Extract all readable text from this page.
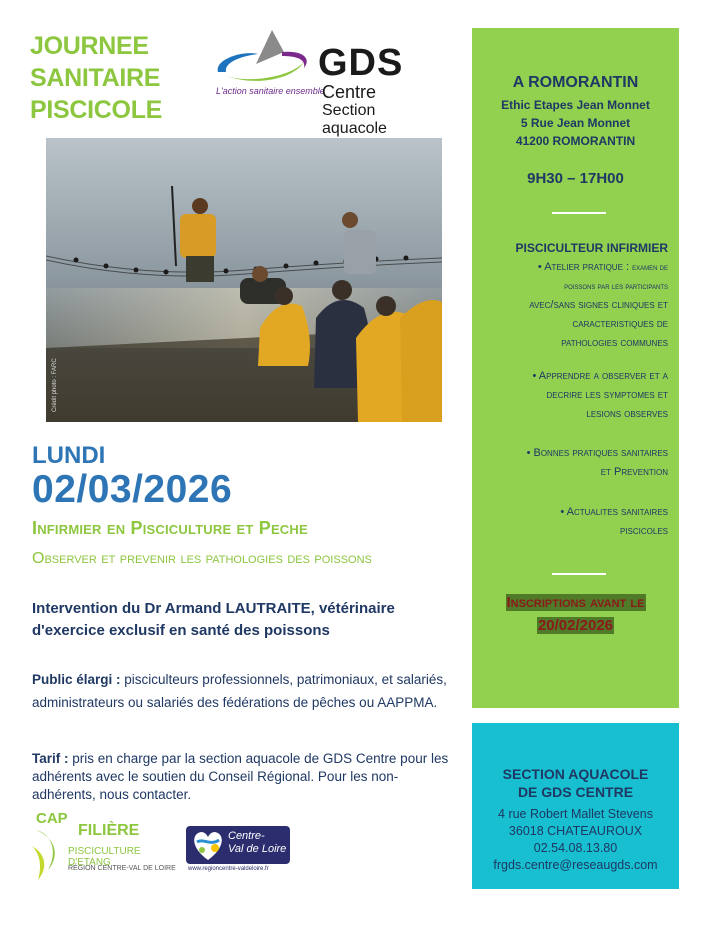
JOURNEE
SANITAIRE
PISCICOLE
L'action sanitaire ensemble
GDS
Centre
Section aquacole
Crédit photo : FARC
LUNDI
02/03/2026
Infirmier en Pisciculture et Peche
Observer et prevenir les pathologies des poissons
Intervention du Dr Armand LAUTRAITE, vétérinaire d'exercice exclusif en santé des poissons
Public élargi : pisciculteurs professionnels, patrimoniaux, et salariés, administrateurs ou salariés des fédérations de pêches ou AAPPMA.
Tarif : pris en charge par la section aquacole de GDS Centre pour les adhérents avec le soutien du Conseil Régional. Pour les non-adhérents, nous contacter.
CAP
FILIÈRE
PISCICULTURE D'ETANG
RÉGION CENTRE-VAL DE LOIRE
Centre-
Val de Loire
www.regioncentre-valdeloire.fr
A ROMORANTIN
Ethic Etapes Jean Monnet
5 Rue Jean Monnet
41200 ROMORANTIN
9H30 – 17H00
PISCICULTEUR INFIRMIER
• Atelier pratique : examen de
poissons par les participants
avec/sans signes cliniques et
caracteristiques de
pathologies communes
• Apprendre a observer et a
decrire les symptomes et
lesions observes
• Bonnes pratiques sanitaires
et Prevention
• Actualites sanitaires
piscicoles
Inscriptions avant le
20/02/2026
SECTION AQUACOLE
DE GDS CENTRE
4 rue Robert Mallet Stevens
36018 CHATEAUROUX
02.54.08.13.80
frgds.centre@reseaugds.com
